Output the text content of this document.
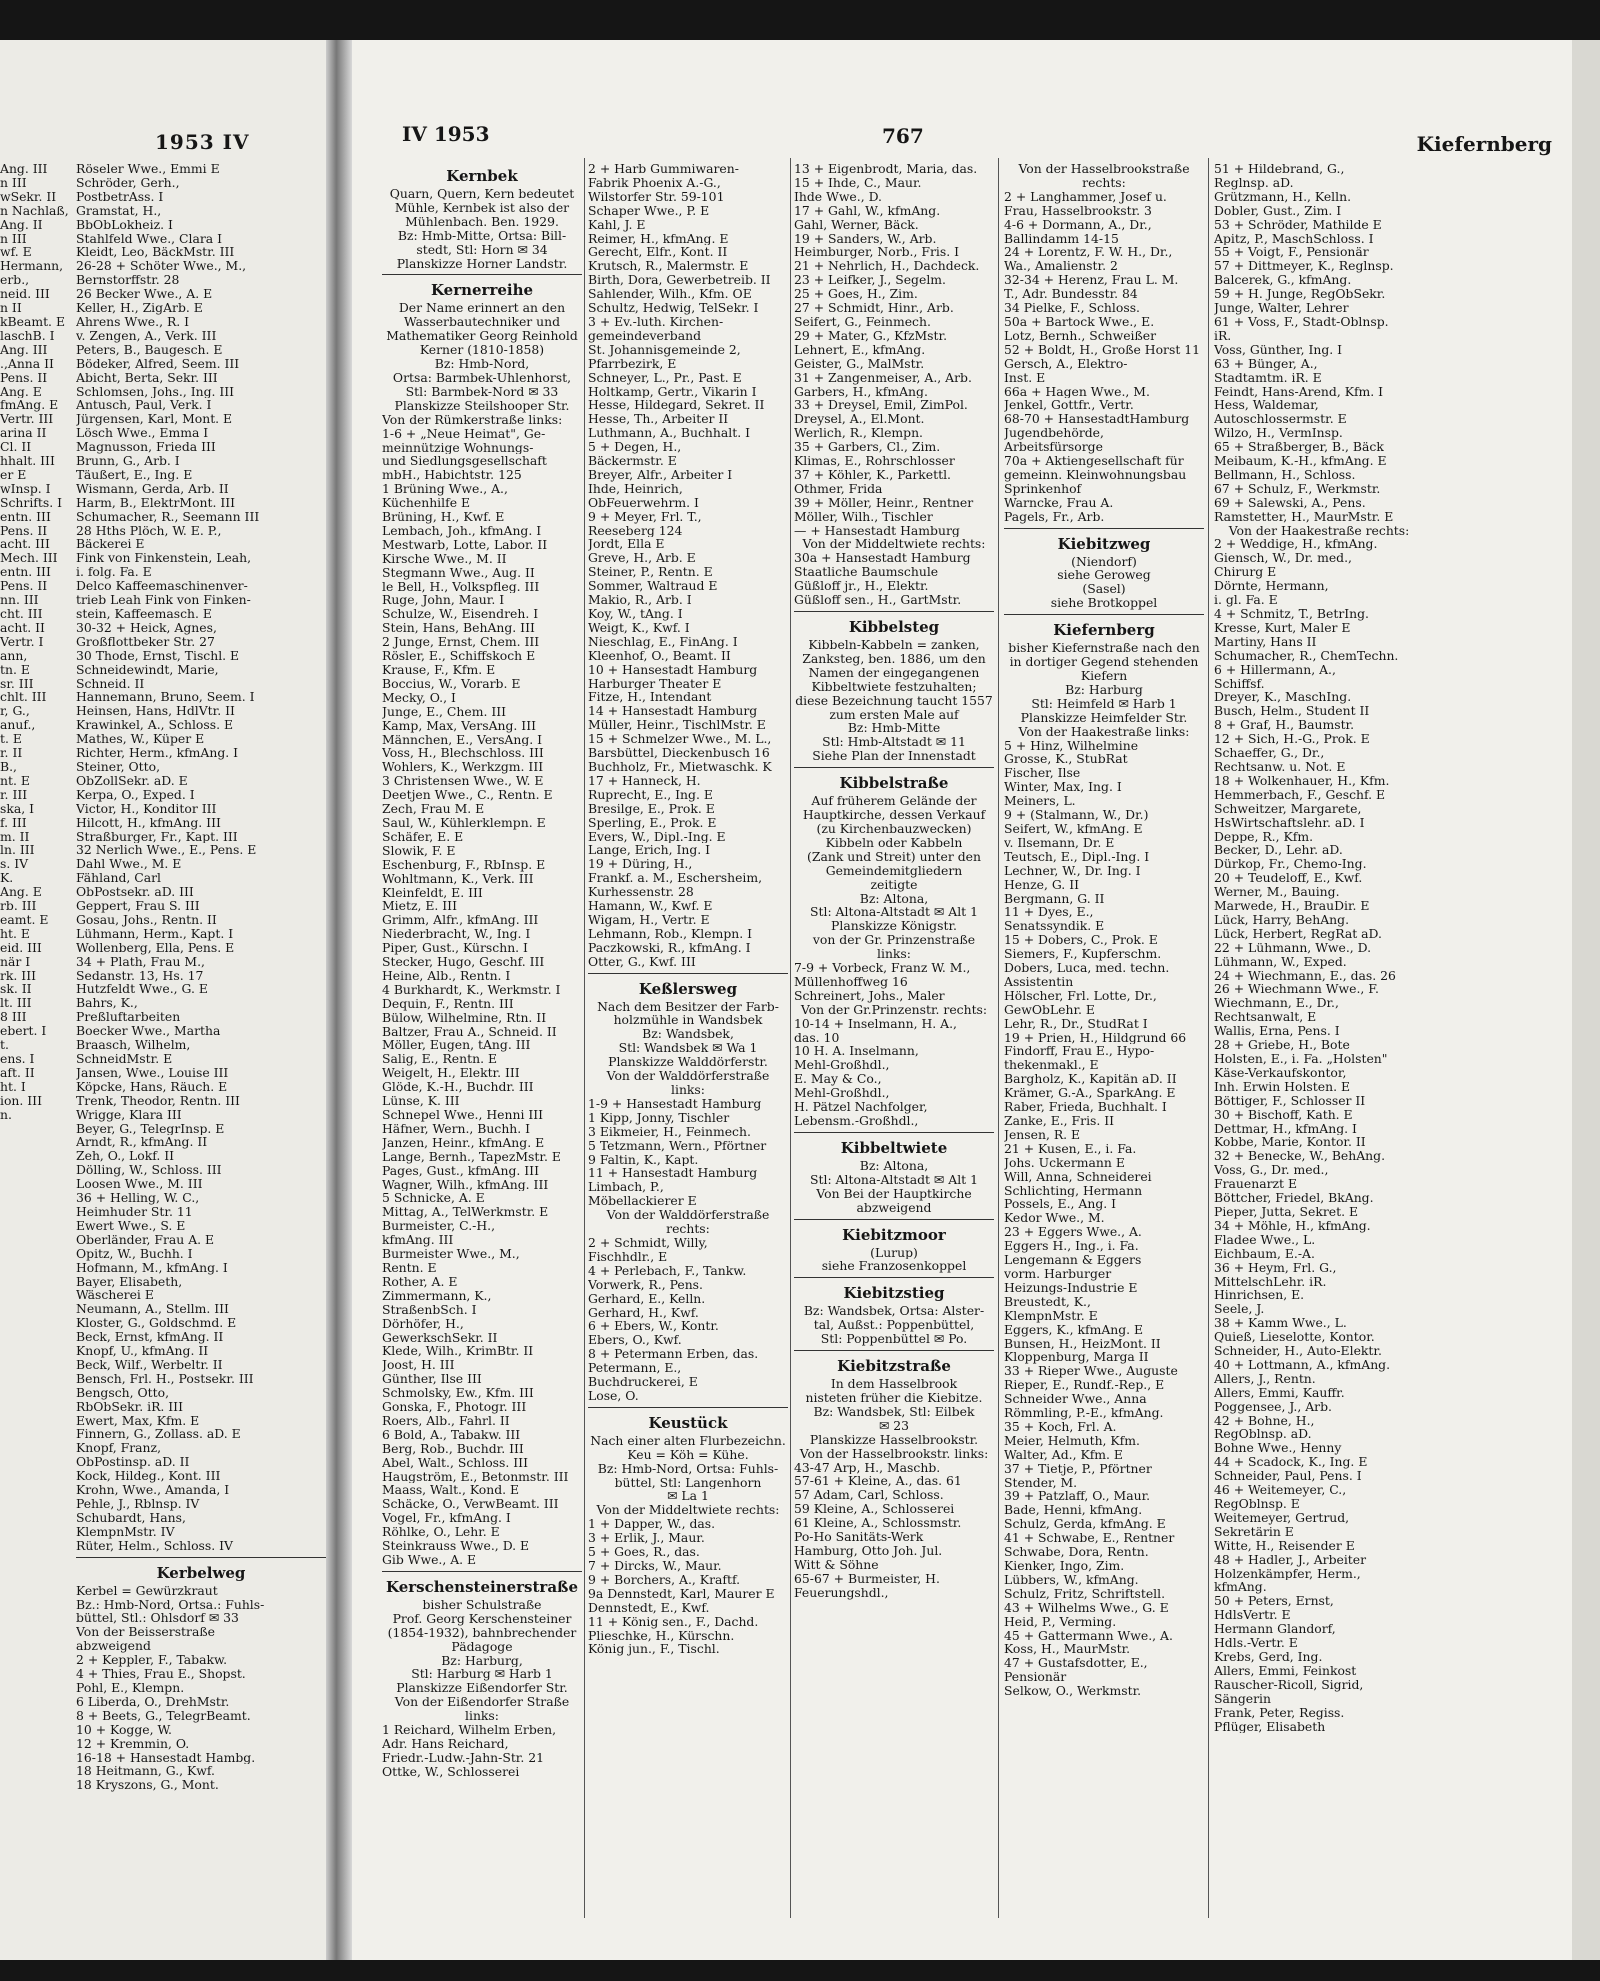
1953 IV
Ang. III
n III
wSekr. II
n Nachlaß,
Ang. II
n III
wf. E
Hermann,
erb.,
neid. III
n II
kBeamt. E
laschB. I
Ang. III
.,Anna II
Pens. II
Ang. E
fmAng. E
Vertr. III
arina II
Cl. II
hhalt. III
er E
wInsp. I
Schrifts. I
entn. III
Pens. II
acht. III
Mech. III
entn. III
Pens. II
nn. III
cht. III
acht. II
Vertr. I
ann,
tn. E
sr. III
chlt. III
r, G.,
anuf.,
t. E
r. II
B.,
nt. E
r. III
ska, I
f. III
m. II
ln. III
s. IV
K.
Ang. E
rb. III
eamt. E
ht. E
eid. III
när I
rk. III
sk. II
lt. III
8 III
ebert. I
t.
ens. I
aft. II
ht. I
ion. III
n.
Röseler Wwe., Emmi E
Schröder, Gerh.,
PostbetrAss. I
Gramstat, H.,
BbObLokheiz. I
Stahlfeld Wwe., Clara I
Kleidt, Leo, BäckMstr. III
26-28 + Schöter Wwe., M.,
Bernstorffstr. 28
26 Becker Wwe., A. E
Keller, H., ZigArb. E
Ahrens Wwe., R. I
v. Zengen, A., Verk. III
Peters, B., Baugesch. E
Bödeker, Alfred, Seem. III
Abicht, Berta, Sekr. III
Schlomsen, Johs., Ing. III
Antusch, Paul, Verk. I
Jürgensen, Karl, Mont. E
Lösch Wwe., Emma I
Magnusson, Frieda III
Brunn, G., Arb. I
Täußert, E., Ing. E
Wismann, Gerda, Arb. II
Harm, B., ElektrMont. III
Schumacher, R., Seemann III
28 Hths Plöch, W. E. P.,
Bäckerei E
Fink von Finkenstein, Leah,
i. folg. Fa. E
Delco Kaffeemaschinenver-
trieb Leah Fink von Finken-
stein, Kaffeemasch. E
30-32 + Heick, Agnes,
Großflottbeker Str. 27
30 Thode, Ernst, Tischl. E
Schneidewindt, Marie,
Schneid. II
Hannemann, Bruno, Seem. I
Heinsen, Hans, HdlVtr. II
Krawinkel, A., Schloss. E
Mathes, W., Küper E
Richter, Herm., kfmAng. I
Steiner, Otto,
ObZollSekr. aD. E
Kerpa, O., Exped. I
Victor, H., Konditor III
Hilcott, H., kfmAng. III
Straßburger, Fr., Kapt. III
32 Nerlich Wwe., E., Pens. E
Dahl Wwe., M. E
Fähland, Carl
ObPostsekr. aD. III
Geppert, Frau S. III
Gosau, Johs., Rentn. II
Lühmann, Herm., Kapt. I
Wollenberg, Ella, Pens. E
34 + Plath, Frau M.,
Sedanstr. 13, Hs. 17
Hutzfeldt Wwe., G. E
Bahrs, K.,
Preßluftarbeiten
Boecker Wwe., Martha
Braasch, Wilhelm,
SchneidMstr. E
Jansen, Wwe., Louise III
Köpcke, Hans, Räuch. E
Trenk, Theodor, Rentn. III
Wrigge, Klara III
Beyer, G., TelegrInsp. E
Arndt, R., kfmAng. II
Zeh, O., Lokf. II
Dölling, W., Schloss. III
Loosen Wwe., M. III
36 + Helling, W. C.,
Heimhuder Str. 11
Ewert Wwe., S. E
Oberländer, Frau A. E
Opitz, W., Buchh. I
Hofmann, M., kfmAng. I
Bayer, Elisabeth,
Wäscherei E
Neumann, A., Stellm. III
Kloster, G., Goldschmd. E
Beck, Ernst, kfmAng. II
Knopf, U., kfmAng. II
Beck, Wilf., Werbeltr. II
Bensch, Frl. H., Postsekr. III
Bengsch, Otto,
RbObSekr. iR. III
Ewert, Max, Kfm. E
Finnern, G., Zollass. aD. E
Knopf, Franz,
ObPostinsp. aD. II
Kock, Hildeg., Kont. III
Krohn, Wwe., Amanda, I
Pehle, J., Rblnsp. IV
Schubardt, Hans,
KlempnMstr. IV
Rüter, Helm., Schloss. IV
Kerbelweg
Kerbel = Gewürzkraut
Bz.: Hmb-Nord, Ortsa.: Fuhls-
büttel, Stl.: Ohlsdorf ✉ 33
Von der Beisserstraße
abzweigend
2 + Keppler, F., Tabakw.
4 + Thies, Frau E., Shopst.
Pohl, E., Klempn.
6 Liberda, O., DrehMstr.
8 + Beets, G., TelegrBeamt.
10 + Kogge, W.
12 + Kremmin, O.
16-18 + Hansestadt Hambg.
18 Heitmann, G., Kwf.
18 Kryszons, G., Mont.
IV 1953	767	Kiefernberg
Kernbek
Quarn, Quern, Kern bedeutet
Mühle, Kernbek ist also der
Mühlenbach. Ben. 1929.
Bz: Hmb-Mitte, Ortsa: Bill-
stedt, Stl: Horn ✉ 34
Planskizze Horner Landstr.
Kernerreihe
Der Name erinnert an den
Wasserbautechniker und
Mathematiker Georg Reinhold
Kerner (1810-1858)
Bz: Hmb-Nord,
Ortsa: Barmbek-Uhlenhorst,
Stl: Barmbek-Nord ✉ 33
Planskizze Steilshooper Str.
Von der Rümkerstraße links:
1-6 + „Neue Heimat", Ge-
meinnützige Wohnungs-
und Siedlungsgesellschaft
mbH., Habichtstr. 125
1 Brüning Wwe., A.,
Küchenhilfe E
Brüning, H., Kwf. E
Lembach, Joh., kfmAng. I
Mestwarb, Lotte, Labor. II
Kirsche Wwe., M. II
Stegmann Wwe., Aug. II
le Bell, H., Volkspfleg. III
Ruge, John, Maur. I
Schulze, W., Eisendreh. I
Stein, Hans, BehAng. III
2 Junge, Ernst, Chem. III
Rösler, E., Schiffskoch E
Krause, F., Kfm. E
Boccius, W., Vorarb. E
Mecky, O., I
Junge, E., Chem. III
Kamp, Max, VersAng. III
Männchen, E., VersAng. I
Voss, H., Blechschloss. III
Wohlers, K., Werkzgm. III
3 Christensen Wwe., W. E
Deetjen Wwe., C., Rentn. E
Zech, Frau M. E
Saul, W., Kühlerklempn. E
Schäfer, E. E
Slowik, F. E
Eschenburg, F., RbInsp. E
Wohltmann, K., Verk. III
Kleinfeldt, E. III
Mietz, E. III
Grimm, Alfr., kfmAng. III
Niederbracht, W., Ing. I
Piper, Gust., Kürschn. I
Stecker, Hugo, Geschf. III
Heine, Alb., Rentn. I
4 Burkhardt, K., Werkmstr. I
Dequin, F., Rentn. III
Bülow, Wilhelmine, Rtn. II
Baltzer, Frau A., Schneid. II
Möller, Eugen, tAng. III
Salig, E., Rentn. E
Weigelt, H., Elektr. III
Glöde, K.-H., Buchdr. III
Lünse, K. III
Schnepel Wwe., Henni III
Häfner, Wern., Buchh. I
Janzen, Heinr., kfmAng. E
Lange, Bernh., TapezMstr. E
Pages, Gust., kfmAng. III
Wagner, Wilh., kfmAng. III
5 Schnicke, A. E
Mittag, A., TelWerkmstr. E
Burmeister, C.-H.,
kfmAng. III
Burmeister Wwe., M.,
Rentn. E
Rother, A. E
Zimmermann, K.,
StraßenbSch. I
Dörhöfer, H.,
GewerkschSekr. II
Klede, Wilh., KrimBtr. II
Joost, H. III
Günther, Ilse III
Schmolsky, Ew., Kfm. III
Gonska, F., Photogr. III
Roers, Alb., Fahrl. II
6 Bold, A., Tabakw. III
Berg, Rob., Buchdr. III
Abel, Walt., Schloss. III
Haugström, E., Betonmstr. III
Maass, Walt., Kond. E
Schäcke, O., VerwBeamt. III
Vogel, Fr., kfmAng. I
Röhlke, O., Lehr. E
Steinkrauss Wwe., D. E
Gib Wwe., A. E
Kerschensteinerstraße
bisher Schulstraße
Prof. Georg Kerschensteiner
(1854-1932), bahnbrechender
Pädagoge
Bz: Harburg,
Stl: Harburg ✉ Harb 1
Planskizze Eißendorfer Str.
Von der Eißendorfer Straße
links:
1 Reichard, Wilhelm Erben,
Adr. Hans Reichard,
Friedr.-Ludw.-Jahn-Str. 21
Ottke, W., Schlosserei
2 + Harb Gummiwaren-
Fabrik Phoenix A.-G.,
Wilstorfer Str. 59-101
Schaper Wwe., P. E
Kahl, J. E
Reimer, H., kfmAng. E
Gerecht, Elfr., Kont. II
Krutsch, R., Malermstr. E
Birth, Dora, Gewerbetreib. II
Sahlender, Wilh., Kfm. OE
Schultz, Hedwig, TelSekr. I
3 + Ev.-luth. Kirchen-
gemeindeverband
St. Johannisgemeinde 2,
Pfarrbezirk, E
Schneyer, L., Pr., Past. E
Holtkamp, Gertr., Vikarin I
Hesse, Hildegard, Sekret. II
Hesse, Th., Arbeiter II
Luthmann, A., Buchhalt. I
5 + Degen, H.,
Bäckermstr. E
Breyer, Alfr., Arbeiter I
Ihde, Heinrich,
ObFeuerwehrm. I
9 + Meyer, Frl. T.,
Reeseberg 124
Jordt, Ella E
Greve, H., Arb. E
Steiner, P., Rentn. E
Sommer, Waltraud E
Makio, R., Arb. I
Koy, W., tAng. I
Weigt, K., Kwf. I
Nieschlag, E., FinAng. I
Kleenhof, O., Beamt. II
10 + Hansestadt Hamburg
Harburger Theater E
Fitze, H., Intendant
14 + Hansestadt Hamburg
Müller, Heinr., TischlMstr. E
15 + Schmelzer Wwe., M. L.,
Barsbüttel, Dieckenbusch 16
Buchholz, Fr., Mietwaschk. K
17 + Hanneck, H.
Ruprecht, E., Ing. E
Bresilge, E., Prok. E
Sperling, E., Prok. E
Evers, W., Dipl.-Ing. E
Lange, Erich, Ing. I
19 + Düring, H.,
Frankf. a. M., Eschersheim,
Kurhessenstr. 28
Hamann, W., Kwf. E
Wigam, H., Vertr. E
Lehmann, Rob., Klempn. I
Paczkowski, R., kfmAng. I
Otter, G., Kwf. III
Keßlersweg
Nach dem Besitzer der Farb-
holzmühle in Wandsbek
Bz: Wandsbek,
Stl: Wandsbek ✉ Wa 1
Planskizze Walddörferstr.
Von der Walddörferstraße
links:
1-9 + Hansestadt Hamburg
1 Kipp, Jonny, Tischler
3 Eikmeier, H., Feinmech.
5 Tetzmann, Wern., Pförtner
9 Faltin, K., Kapt.
11 + Hansestadt Hamburg
Limbach, P.,
Möbellackierer E
Von der Walddörferstraße
rechts:
2 + Schmidt, Willy,
Fischhdlr., E
4 + Perlebach, F., Tankw.
Vorwerk, R., Pens.
Gerhard, E., Kelln.
Gerhard, H., Kwf.
6 + Ebers, W., Kontr.
Ebers, O., Kwf.
8 + Petermann Erben, das.
Petermann, E.,
Buchdruckerei, E
Lose, O.
Keustück
Nach einer alten Flurbezeichn.
Keu = Köh = Kühe.
Bz: Hmb-Nord, Ortsa: Fuhls-
büttel, Stl: Langenhorn
✉ La 1
Von der Middeltwiete rechts:
1 + Dapper, W., das.
3 + Erlik, J., Maur.
5 + Goes, R., das.
7 + Dircks, W., Maur.
9 + Borchers, A., Kraftf.
9a Dennstedt, Karl, Maurer E
Dennstedt, E., Kwf.
11 + König sen., F., Dachd.
Plieschke, H., Kürschn.
König jun., F., Tischl.
13 + Eigenbrodt, Maria, das.
15 + Ihde, C., Maur.
Ihde Wwe., D.
17 + Gahl, W., kfmAng.
Gahl, Werner, Bäck.
19 + Sanders, W., Arb.
Heimburger, Norb., Fris. I
21 + Nehrlich, H., Dachdeck.
23 + Leifker, J., Segelm.
25 + Goes, H., Zim.
27 + Schmidt, Hinr., Arb.
Seifert, G., Feinmech.
29 + Mater, G., KfzMstr.
Lehnert, E., kfmAng.
Geister, G., MalMstr.
31 + Zangenmeiser, A., Arb.
Garbers, H., kfmAng.
33 + Dreysel, Emil, ZimPol.
Dreysel, A., El.Mont.
Werlich, R., Klempn.
35 + Garbers, Cl., Zim.
Klimas, E., Rohrschlosser
37 + Köhler, K., Parkettl.
Othmer, Frida
39 + Möller, Heinr., Rentner
Möller, Wilh., Tischler
— + Hansestadt Hamburg
Von der Middeltwiete rechts:
30a + Hansestadt Hamburg
Staatliche Baumschule
Güßloff jr., H., Elektr.
Güßloff sen., H., GartMstr.
Kibbelsteg
Kibbeln-Kabbeln = zanken,
Zanksteg, ben. 1886, um den
Namen der eingegangenen
Kibbeltwiete festzuhalten;
diese Bezeichnung taucht 1557
zum ersten Male auf
Bz: Hmb-Mitte
Stl: Hmb-Altstadt ✉ 11
Siehe Plan der Innenstadt
Kibbelstraße
Auf früherem Gelände der
Hauptkirche, dessen Verkauf
(zu Kirchenbauzwecken)
Kibbeln oder Kabbeln
(Zank und Streit) unter den
Gemeindemitgliedern
zeitigte
Bz: Altona,
Stl: Altona-Altstadt ✉ Alt 1
Planskizze Königstr.
von der Gr. Prinzenstraße
links:
7-9 + Vorbeck, Franz W. M.,
Müllenhoffweg 16
Schreinert, Johs., Maler
Von der Gr.Prinzenstr. rechts:
10-14 + Inselmann, H. A.,
das. 10
10 H. A. Inselmann,
Mehl-Großhdl.,
E. May & Co.,
Mehl-Großhdl.,
H. Pätzel Nachfolger,
Lebensm.-Großhdl.,
Kibbeltwiete
Bz: Altona,
Stl: Altona-Altstadt ✉ Alt 1
Von Bei der Hauptkirche
abzweigend
Kiebitzmoor
(Lurup)
siehe Franzosenkoppel
Kiebitzstieg
Bz: Wandsbek, Ortsa: Alster-
tal, Außst.: Poppenbüttel,
Stl: Poppenbüttel ✉ Po.
Kiebitzstraße
In dem Hasselbrook
nisteten früher die Kiebitze.
Bz: Wandsbek, Stl: Eilbek
✉ 23
Planskizze Hasselbrookstr.
Von der Hasselbrookstr. links:
43-47 Arp, H., Maschb.
57-61 + Kleine, A., das. 61
57 Adam, Carl, Schloss.
59 Kleine, A., Schlosserei
61 Kleine, A., Schlossmstr.
Po-Ho Sanitäts-Werk
Hamburg, Otto Joh. Jul.
Witt & Söhne
65-67 + Burmeister, H.
Feuerungshdl.,
Von der Hasselbrookstraße
rechts:
2 + Langhammer, Josef u.
Frau, Hasselbrookstr. 3
4-6 + Dormann, A., Dr.,
Ballindamm 14-15
24 + Lorentz, F. W. H., Dr.,
Wa., Amalienstr. 2
32-34 + Herenz, Frau L. M.
T., Adr. Bundesstr. 84
34 Pielke, F., Schloss.
50a + Bartock Wwe., E.
Lotz, Bernh., Schweißer
52 + Boldt, H., Große Horst 11
Gersch, A., Elektro-
Inst. E
66a + Hagen Wwe., M.
Jenkel, Gottfr., Vertr.
68-70 + HansestadtHamburg
Jugendbehörde,
Arbeitsfürsorge
70a + Aktiengesellschaft für
gemeinn. Kleinwohnungsbau
Sprinkenhof
Warncke, Frau A.
Pagels, Fr., Arb.
Kiebitzweg
(Niendorf)
siehe Geroweg
(Sasel)
siehe Brotkoppel
Kiefernberg
bisher Kiefernstraße nach den
in dortiger Gegend stehenden
Kiefern
Bz: Harburg
Stl: Heimfeld ✉ Harb 1
Planskizze Heimfelder Str.
Von der Haakestraße links:
5 + Hinz, Wilhelmine
Grosse, K., StubRat
Fischer, Ilse
Winter, Max, Ing. I
Meiners, L.
9 + (Stalmann, W., Dr.)
Seifert, W., kfmAng. E
v. Ilsemann, Dr. E
Teutsch, E., Dipl.-Ing. I
Lechner, W., Dr. Ing. I
Henze, G. II
Bergmann, G. II
11 + Dyes, E.,
Senatssyndik. E
15 + Dobers, C., Prok. E
Siemers, F., Kupferschm.
Dobers, Luca, med. techn.
Assistentin
Hölscher, Frl. Lotte, Dr.,
GewObLehr. E
Lehr, R., Dr., StudRat I
19 + Prien, H., Hildgrund 66
Findorff, Frau E., Hypo-
thekenmakl., E
Bargholz, K., Kapitän aD. II
Krämer, G.-A., SparkAng. E
Raber, Frieda, Buchhalt. I
Zanke, E., Fris. II
Jensen, R. E
21 + Kusen, E., i. Fa.
Johs. Uckermann E
Will, Anna, Schneiderei
Schlichting, Hermann
Possels, E., Ang. I
Kedor Wwe., M.
23 + Eggers Wwe., A.
Eggers H., Ing., i. Fa.
Lengemann & Eggers
vorm. Harburger
Heizungs-Industrie E
Breustedt, K.,
KlempnMstr. E
Eggers, K., kfmAng. E
Bunsen, H., HeizMont. II
Kloppenburg, Marga II
33 + Rieper Wwe., Auguste
Rieper, E., Rundf.-Rep., E
Schneider Wwe., Anna
Römmling, P.-E., kfmAng.
35 + Koch, Frl. A.
Meier, Helmuth, Kfm.
Walter, Ad., Kfm. E
37 + Tietje, P., Pförtner
Stender, M.
39 + Patzlaff, O., Maur.
Bade, Henni, kfmAng.
Schulz, Gerda, kfmAng. E
41 + Schwabe, E., Rentner
Schwabe, Dora, Rentn.
Kienker, Ingo, Zim.
Lübbers, W., kfmAng.
Schulz, Fritz, Schriftstell.
43 + Wilhelms Wwe., G. E
Heid, P., Verming.
45 + Gattermann Wwe., A.
Koss, H., MaurMstr.
47 + Gustafsdotter, E.,
Pensionär
Selkow, O., Werkmstr.
51 + Hildebrand, G.,
Reglnsp. aD.
Grützmann, H., Kelln.
Dobler, Gust., Zim. I
53 + Schröder, Mathilde E
Apitz, P., MaschSchloss. I
55 + Voigt, F., Pensionär
57 + Dittmeyer, K., Reglnsp.
Balcerek, G., kfmAng.
59 + H. Junge, RegObSekr.
Junge, Walter, Lehrer
61 + Voss, F., Stadt-Oblnsp.
iR.
Voss, Günther, Ing. I
63 + Bünger, A.,
Stadtamtm. iR. E
Feindt, Hans-Arend, Kfm. I
Hess, Waldemar,
Autoschlossermstr. E
Wilzo, H., VermInsp.
65 + Straßberger, B., Bäck
Meibaum, K.-H., kfmAng. E
Bellmann, H., Schloss.
67 + Schulz, F., Werkmstr.
69 + Salewski, A., Pens.
Ramstetter, H., MaurMstr. E
Von der Haakestraße rechts:
2 + Weddige, H., kfmAng.
Giensch, W., Dr. med.,
Chirurg E
Dörnte, Hermann,
i. gl. Fa. E
4 + Schmitz, T., BetrIng.
Kresse, Kurt, Maler E
Martiny, Hans II
Schumacher, R., ChemTechn.
6 + Hillermann, A.,
Schiffsf.
Dreyer, K., MaschIng.
Busch, Helm., Student II
8 + Graf, H., Baumstr.
12 + Sich, H.-G., Prok. E
Schaeffer, G., Dr.,
Rechtsanw. u. Not. E
18 + Wolkenhauer, H., Kfm.
Hemmerbach, F., Geschf. E
Schweitzer, Margarete,
HsWirtschaftslehr. aD. I
Deppe, R., Kfm.
Becker, D., Lehr. aD.
Dürkop, Fr., Chemo-Ing.
20 + Teudeloff, E., Kwf.
Werner, M., Bauing.
Marwede, H., BrauDir. E
Lück, Harry, BehAng.
Lück, Herbert, RegRat aD.
22 + Lühmann, Wwe., D.
Lühmann, W., Exped.
24 + Wiechmann, E., das. 26
26 + Wiechmann Wwe., F.
Wiechmann, E., Dr.,
Rechtsanwalt, E
Wallis, Erna, Pens. I
28 + Griebe, H., Bote
Holsten, E., i. Fa. „Holsten"
Käse-Verkaufskontor,
Inh. Erwin Holsten. E
Böttiger, F., Schlosser II
30 + Bischoff, Kath. E
Dettmar, H., kfmAng. I
Kobbe, Marie, Kontor. II
32 + Benecke, W., BehAng.
Voss, G., Dr. med.,
Frauenarzt E
Böttcher, Friedel, BkAng.
Pieper, Jutta, Sekret. E
34 + Möhle, H., kfmAng.
Fladee Wwe., L.
Eichbaum, E.-A.
36 + Heym, Frl. G.,
MittelschLehr. iR.
Hinrichsen, E.
Seele, J.
38 + Kamm Wwe., L.
Quieß, Lieselotte, Kontor.
Schneider, H., Auto-Elektr.
40 + Lottmann, A., kfmAng.
Allers, J., Rentn.
Allers, Emmi, Kauffr.
Poggensee, J., Arb.
42 + Bohne, H.,
RegOblnsp. aD.
Bohne Wwe., Henny
44 + Scadock, K., Ing. E
Schneider, Paul, Pens. I
46 + Weitemeyer, C.,
RegOblnsp. E
Weitemeyer, Gertrud,
Sekretärin E
Witte, H., Reisender E
48 + Hadler, J., Arbeiter
Holzenkämpfer, Herm.,
kfmAng.
50 + Peters, Ernst,
HdlsVertr. E
Hermann Glandorf,
Hdls.-Vertr. E
Krebs, Gerd, Ing.
Allers, Emmi, Feinkost
Rauscher-Ricoll, Sigrid,
Sängerin
Frank, Peter, Regiss.
Pflüger, Elisabeth
